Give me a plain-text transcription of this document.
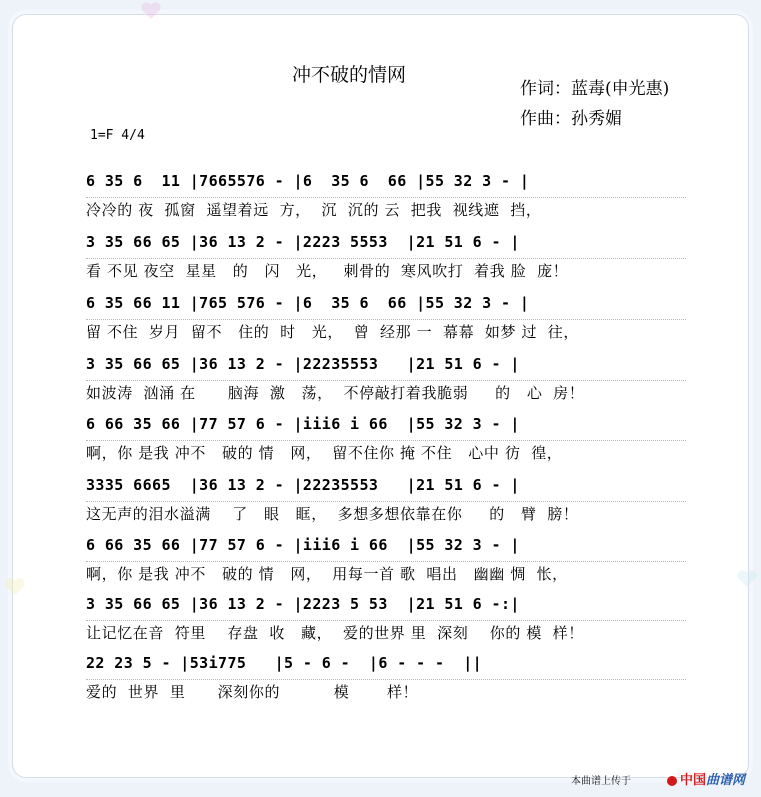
冲不破的情网
作词：蓝毒(申光惠)
作曲：孙秀媚
1=F 4/4
6 35 6  11 |7665576 - |6  35 6  66 |55 32 3 - |
冷冷的 夜  孤窗  遥望着远  方，  沉  沉的 云  把我  视线遮  挡，
3 35 66 65 |36 13 2 - |2223 5553  |21 51 6 - |
看 不见 夜空  星星   的   闪   光，   刺骨的  寒风吹打  着我 脸  庞！
6 35 66 11 |765 576 - |6  35 6  66 |55 32 3 - |
留 不住  岁月  留不   住的  时   光，  曾  经那 一  幕幕  如梦 过  往，
3 35 66 65 |36 13 2 - |22235553   |21 51 6 - |
如波涛  汹涌 在      脑海  激   荡，  不停敲打着我脆弱     的   心  房！
6 66 35 66 |77 57 6 - |iii6 i 66  |55 32 3 - |
啊，你 是我 冲不   破的 情   网，  留不住你 掩 不住   心中 彷  徨，
3335 6665  |36 13 2 - |22235553   |21 51 6 - |
这无声的泪水溢满    了   眼   眶，  多想多想依靠在你     的   臂  膀！
6 66 35 66 |77 57 6 - |iii6 i 66  |55 32 3 - |
啊，你 是我 冲不   破的 情   网，  用每一首 歌  唱出   幽幽 惆  怅，
3 35 66 65 |36 13 2 - |2223 5 53  |21 51 6 -:|
让记忆在音  符里    存盘  收   藏，  爱的世界 里  深刻    你的 模  样！
22 23 5 - |53i775   |5 - 6 -  |6 - - -  ||
爱的  世界  里      深刻你的          模       样！
本曲谱上传于	中国曲谱网
